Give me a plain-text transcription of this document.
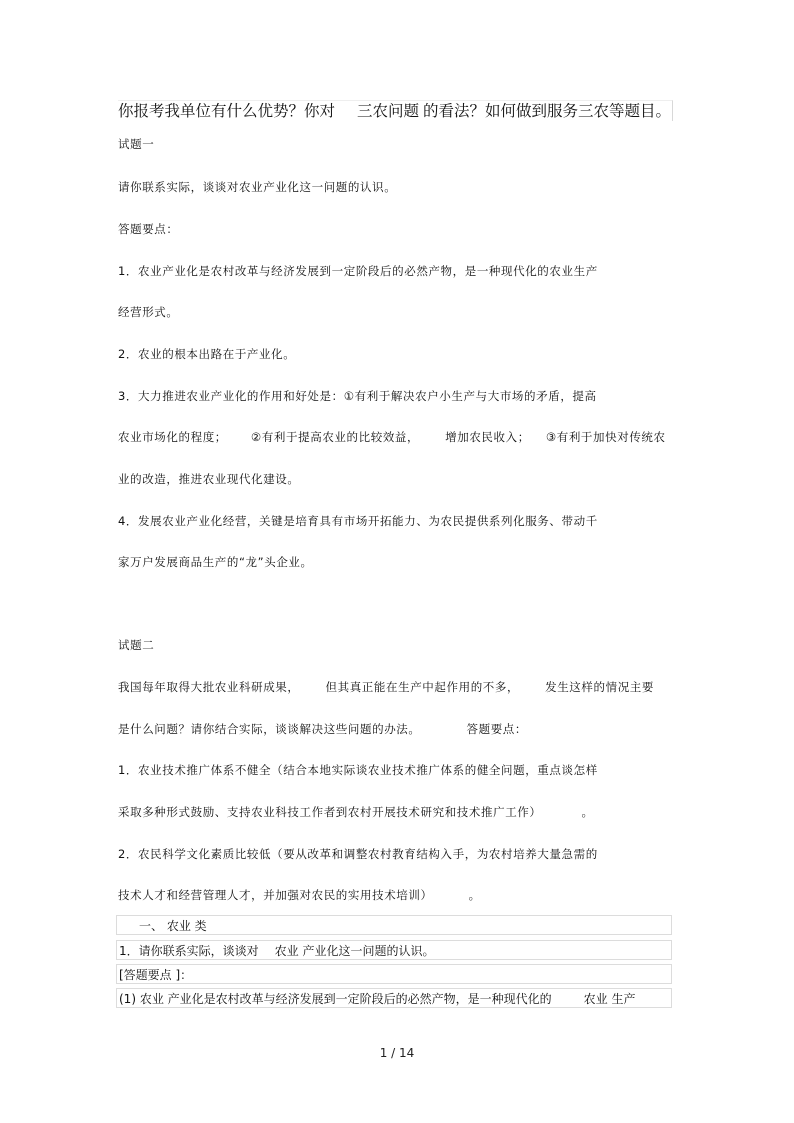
你报考我单位有什么优势？你对 三农问题 的看法？如何做到服务三农等题目。
试题一
请你联系实际，谈谈对农业产业化这一问题的认识。
答题要点：
1．农业产业化是农村改革与经济发展到一定阶段后的必然产物，是一种现代化的农业生产
经营形式。
2．农业的根本出路在于产业化。
3．大力推进农业产业化的作用和好处是：①有利于解决农户小生产与大市场的矛盾，提高
农业市场化的程度； ②有利于提高农业的比较效益， 增加农民收入； ③有利于加快对传统农
业的改造，推进农业现代化建设。
4．发展农业产业化经营，关键是培育具有市场开拓能力、为农民提供系列化服务、带动千
家万户发展商品生产的“龙”头企业。
试题二
我国每年取得大批农业科研成果， 但其真正能在生产中起作用的不多， 发生这样的情况主要
是什么问题？请你结合实际，谈谈解决这些问题的办法。	答题要点：
1．农业技术推广体系不健全（结合本地实际谈农业技术推广体系的健全问题，重点谈怎样
采取多种形式鼓励、支持农业科技工作者到农村开展技术研究和技术推广工作）	。
2．农民科学文化素质比较低（要从改革和调整农村教育结构入手，为农村培养大量急需的
技术人才和经营管理人才，并加强对农民的实用技术培训）	。
一、 农业 类
1．请你联系实际，谈谈对 农业 产业化这一问题的认识。
[答题要点 ]：
(1) 农业 产业化是农村改革与经济发展到一定阶段后的必然产物，是一种现代化的	农业 生产
1 / 14
